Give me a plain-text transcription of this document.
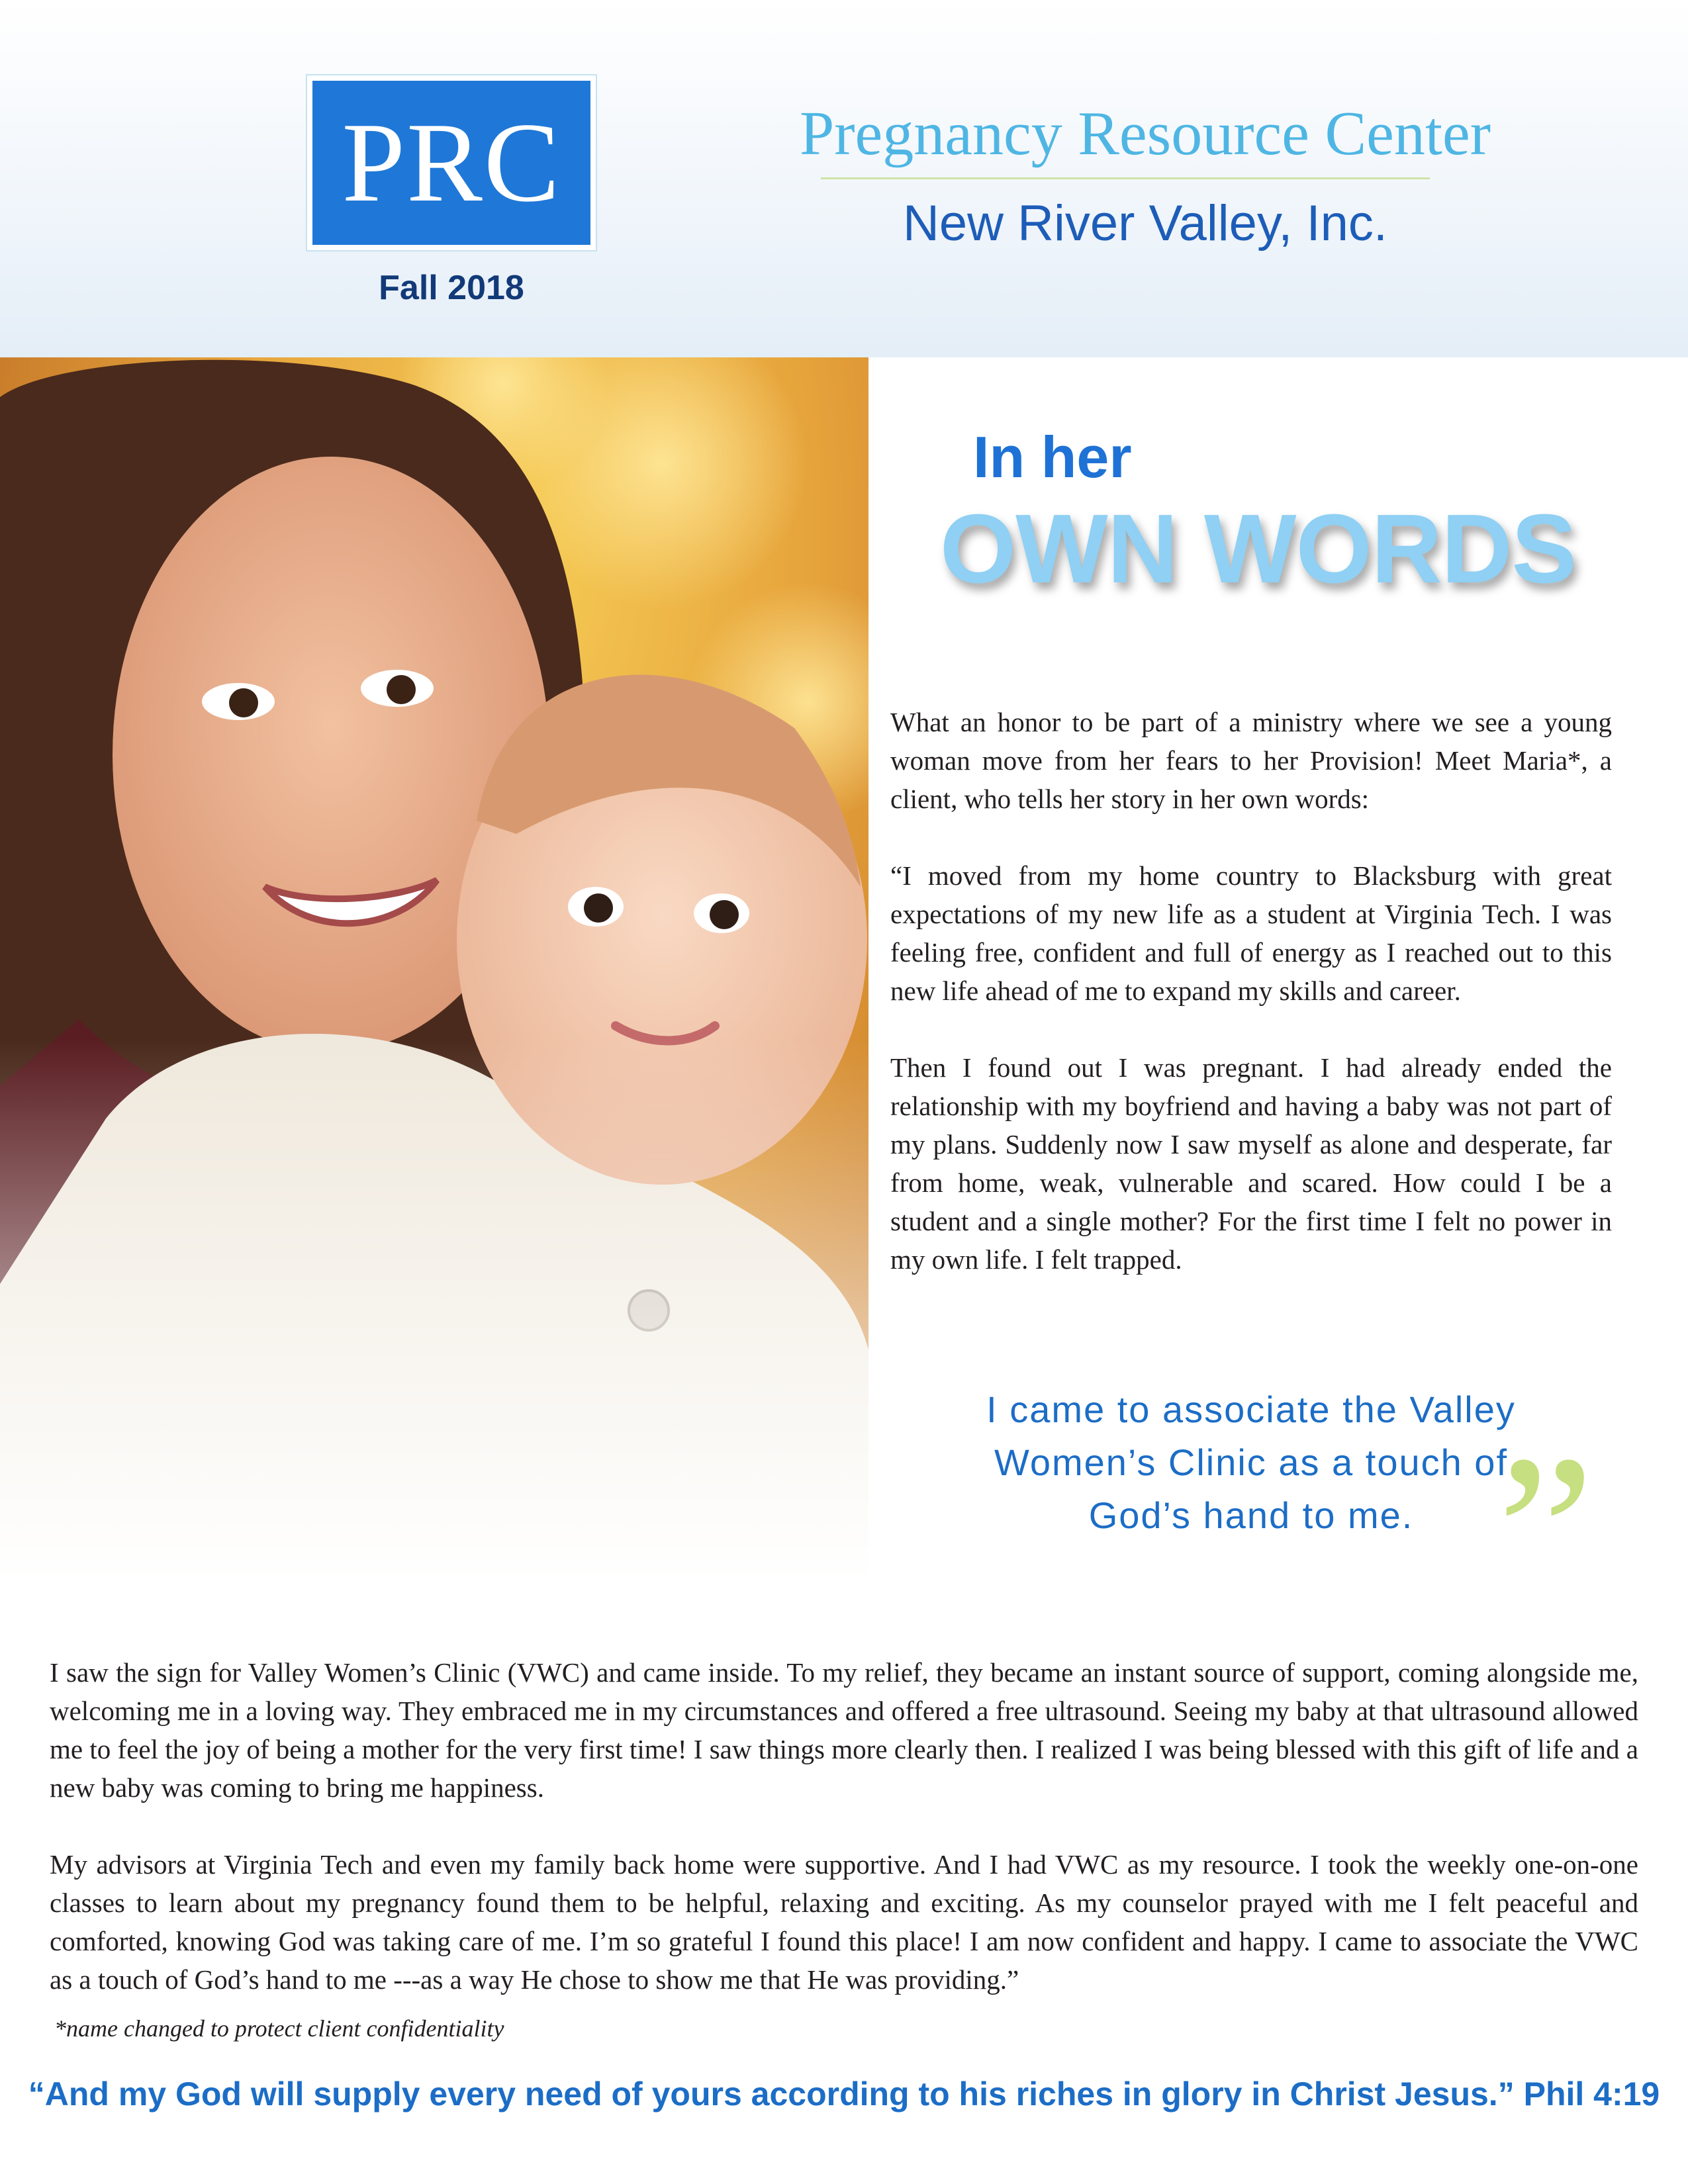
PRC
Fall 2018
Pregnancy Resource Center
New River Valley, Inc.
In her
OWN WORDS

What an honor to be part of a ministry where we see a young woman move from her fears to her Provision! Meet Maria*, a client, who tells her story in her own words:

“I moved from my home country to Blacksburg with great expectations of my new life as a student at Virginia Tech. I was feeling free, confident and full of energy as I reached out to this new life ahead of me to expand my skills and career.

Then I found out I was pregnant. I had already ended the relationship with my boyfriend and having a baby was not part of my plans. Suddenly now I saw myself as alone and desperate, far from home, weak, vulnerable and scared. How could I be a student and a single mother? For the first time I felt no power in my own life. I felt trapped.

I came to associate the Valley
Women’s Clinic as a touch of
God’s hand to me. ”

I saw the sign for Valley Women’s Clinic (VWC) and came inside. To my relief, they became an instant source of support, coming alongside me, welcoming me in a loving way. They embraced me in my circumstances and offered a free ultrasound. Seeing my baby at that ultrasound allowed me to feel the joy of being a mother for the very first time! I saw things more clearly then. I realized I was being blessed with this gift of life and a new baby was coming to bring me happiness.

My advisors at Virginia Tech and even my family back home were supportive. And I had VWC as my resource. I took the weekly one-on-one classes to learn about my pregnancy found them to be helpful, relaxing and exciting. As my counselor prayed with me I felt peaceful and comforted, knowing God was taking care of me. I’m so grateful I found this place! I am now confident and happy. I came to associate the VWC as a touch of God’s hand to me ---as a way He chose to show me that He was providing.”

*name changed to protect client confidentiality
“And my God will supply every need of yours according to his riches in glory in Christ Jesus.” Phil 4:19
